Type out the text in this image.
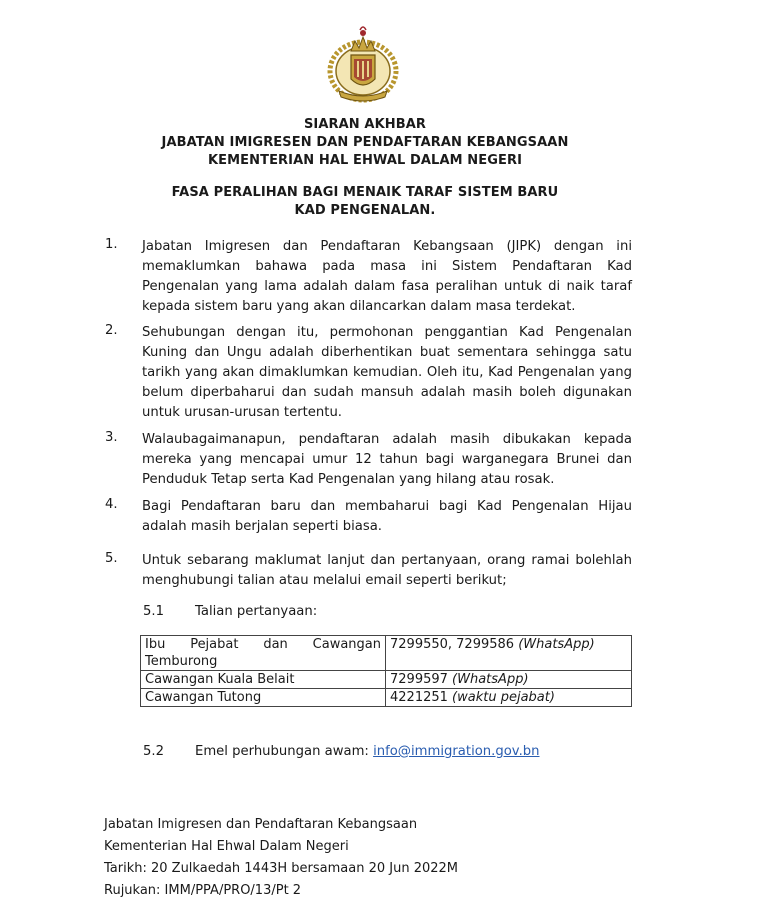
SIARAN AKHBAR
JABATAN IMIGRESEN DAN PENDAFTARAN KEBANGSAAN
KEMENTERIAN HAL EHWAL DALAM NEGERI
FASA PERALIHAN BAGI MENAIK TARAF SISTEM BARU
KAD PENGENALAN.
1. Jabatan Imigresen dan Pendaftaran Kebangsaan (JIPK) dengan ini memaklumkan bahawa pada masa ini Sistem Pendaftaran Kad Pengenalan yang lama adalah dalam fasa peralihan untuk di naik taraf kepada sistem baru yang akan dilancarkan dalam masa terdekat.
2. Sehubungan dengan itu, permohonan penggantian Kad Pengenalan Kuning dan Ungu adalah diberhentikan buat sementara sehingga satu tarikh yang akan dimaklumkan kemudian. Oleh itu, Kad Pengenalan yang belum diperbaharui dan sudah mansuh adalah masih boleh digunakan untuk urusan-urusan tertentu.
3. Walaubagaimanapun, pendaftaran adalah masih dibukakan kepada mereka yang mencapai umur 12 tahun bagi warganegara Brunei dan Penduduk Tetap serta Kad Pengenalan yang hilang atau rosak.
4. Bagi Pendaftaran baru dan membaharui bagi Kad Pengenalan Hijau adalah masih berjalan seperti biasa.
5. Untuk sebarang maklumat lanjut dan pertanyaan, orang ramai bolehlah menghubungi talian atau melalui email seperti berikut;
5.1 Talian pertanyaan:
Ibu Pejabat dan Cawangan
Temburong	7299550, 7299586 (WhatsApp)
Cawangan Kuala Belait	7299597 (WhatsApp)
Cawangan Tutong	4221251 (waktu pejabat)
5.2 Emel perhubungan awam: info@immigration.gov.bn
Jabatan Imigresen dan Pendaftaran Kebangsaan
Kementerian Hal Ehwal Dalam Negeri
Tarikh: 20 Zulkaedah 1443H bersamaan 20 Jun 2022M
Rujukan: IMM/PPA/PRO/13/Pt 2
